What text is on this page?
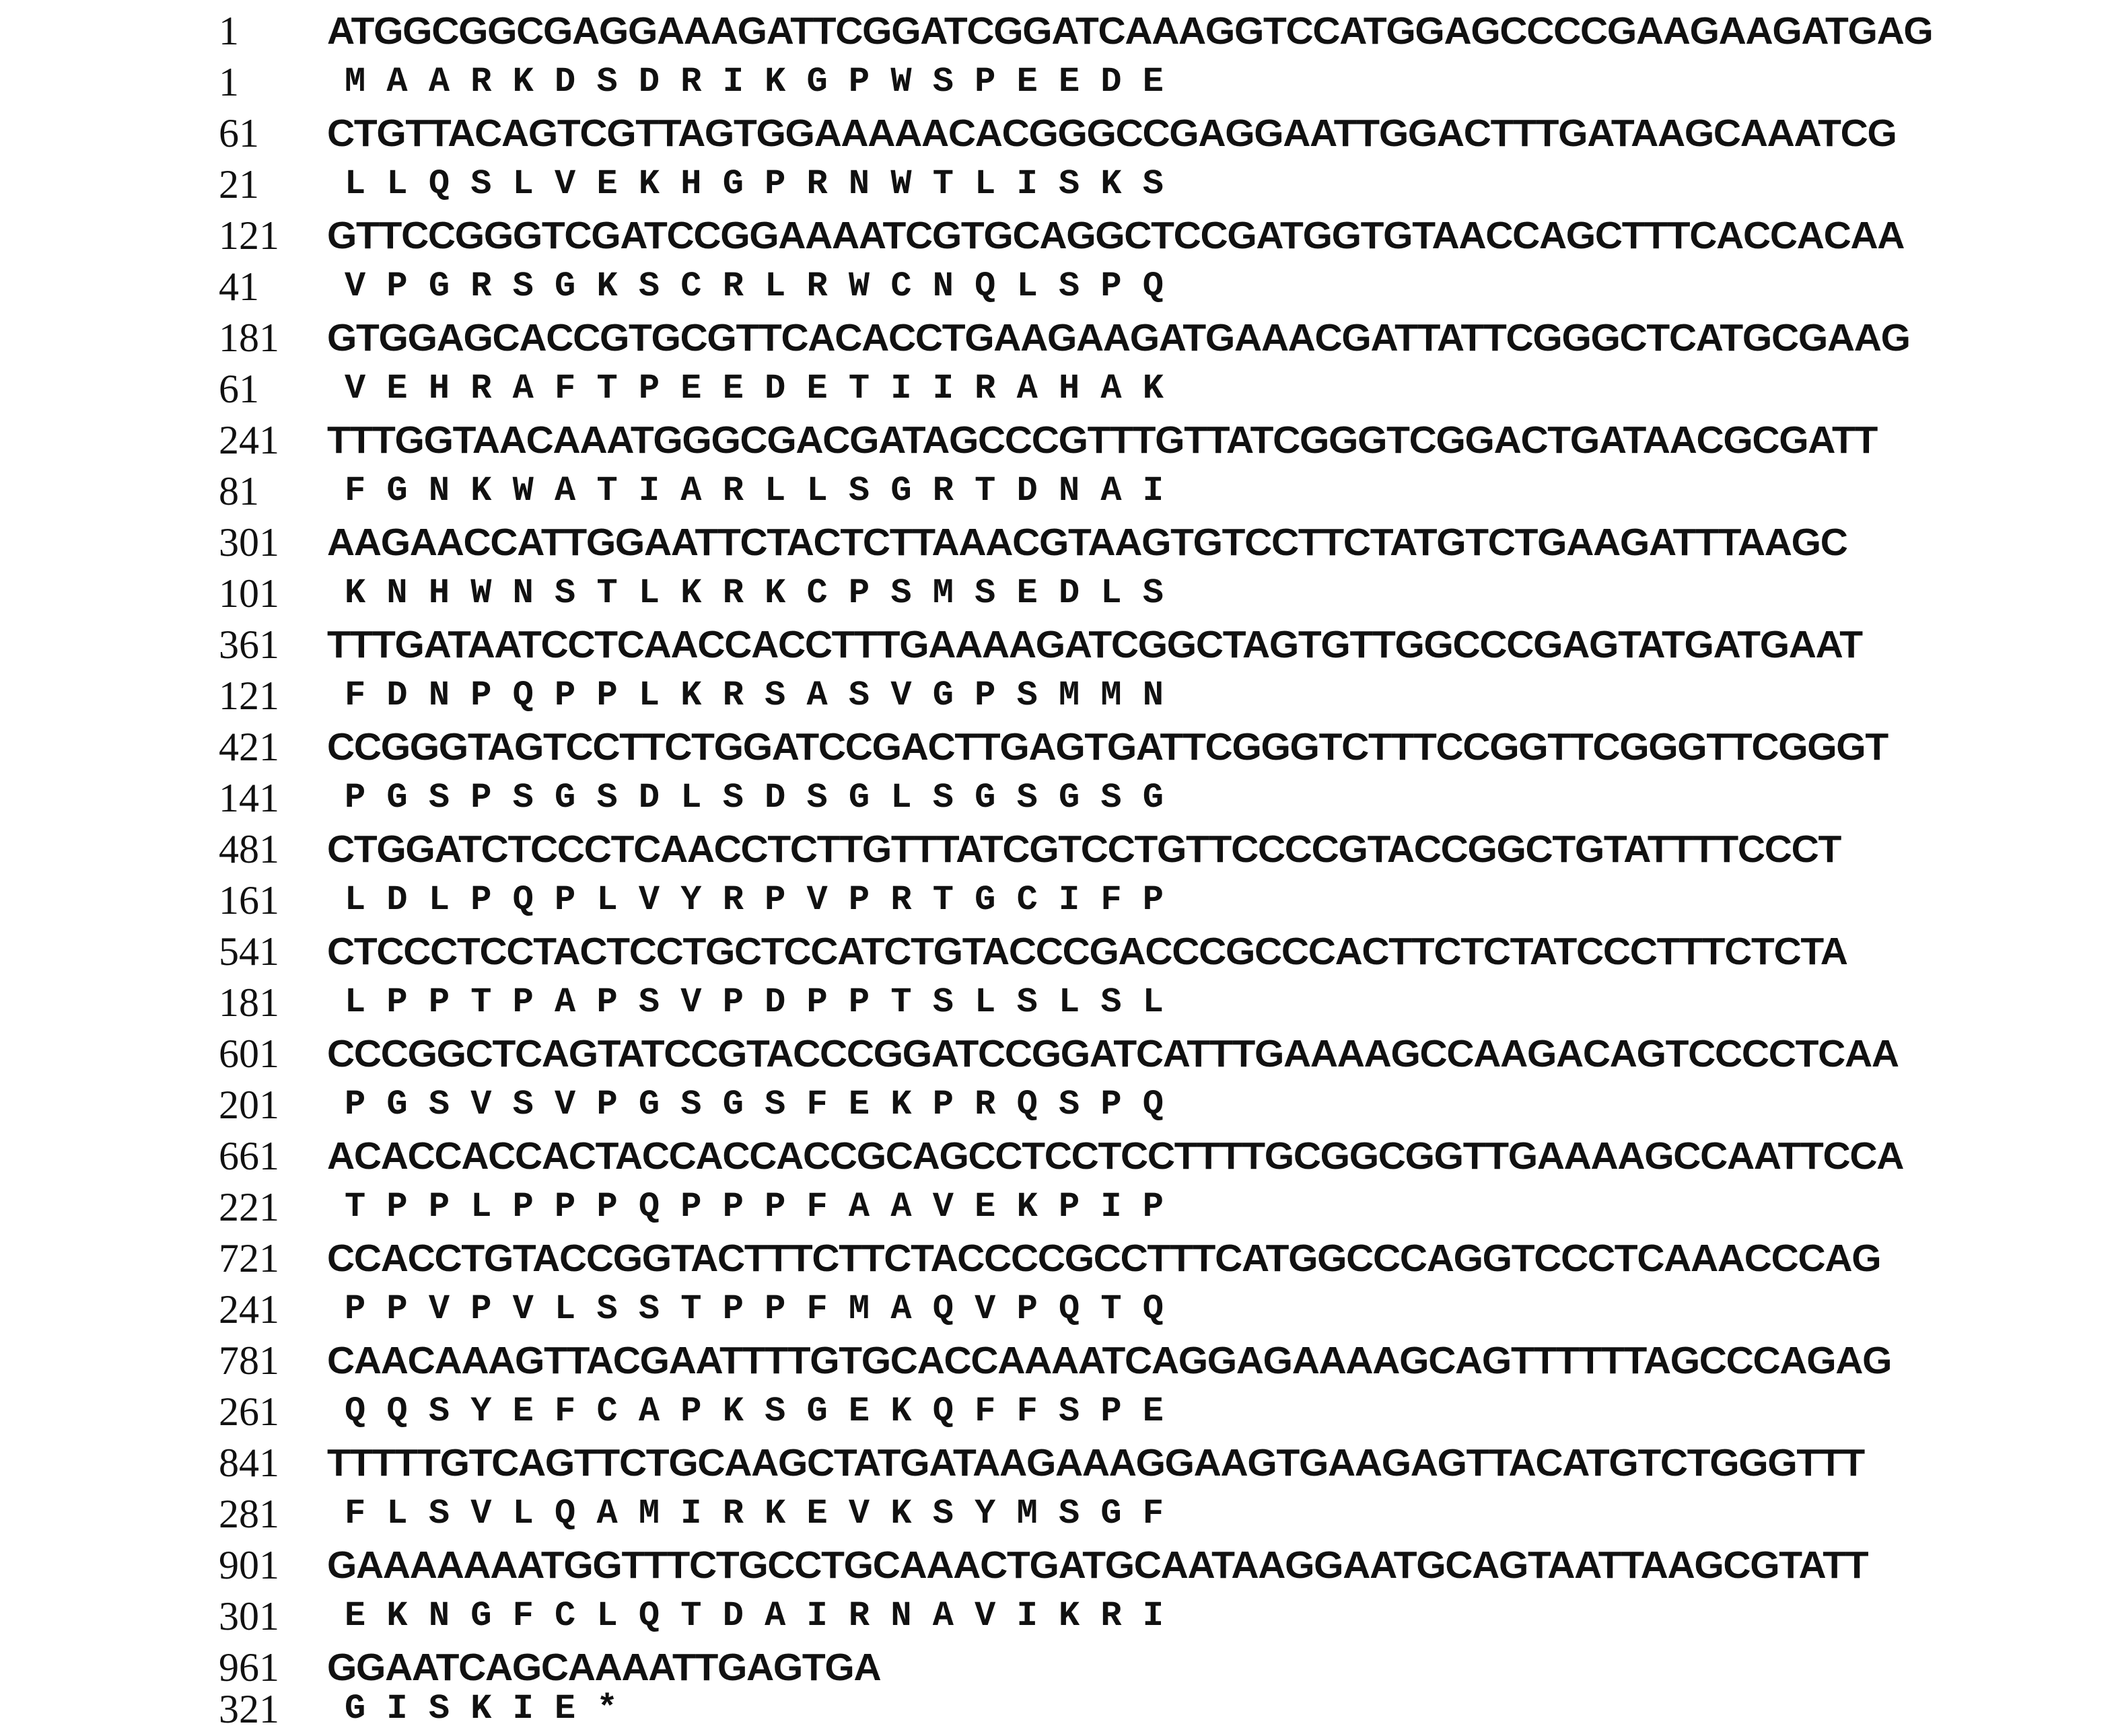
1 ATGGCGGCGAGGAAAGATTCGGATCGGATCAAAGGTCCATGGAGCCCCGAAGAAGATGAG
1	M A A R K D S D R I K G P W S P E E D E
61 CTGTTACAGTCGTTAGTGGAAAAACACGGGCCGAGGAATTGGACTTTGATAAGCAAATCG
21 L L Q S L V E K H G P R N W T L I S K S
121 GTTCCGGGTCGATCCGGAAAATCGTGCAGGCTCCGATGGTGTAACCAGCTTTCACCACAA
41 V P G R S G K S C R L R W C N Q L S P Q
181 GTGGAGCACCGTGCGTTCACACCTGAAGAAGATGAAACGATTATTCGGGCTCATGCGAAG
61 V E H R A F T P E E D E T I I R A H A K
241 TTTGGTAACAAATGGGCGACGATAGCCCGTTTGTTATCGGGTCGGACTGATAACGCGATT
81 F G N K W A T I A R L L S G R T D N A I
301 AAGAACCATTGGAATTCTACTCTTAAACGTAAGTGTCCTTCTATGTCTGAAGATTTAAGC
101 K N H W N S T L K R K C P S M S E D L S
361 TTTGATAATCCTCAACCACCTTTGAAAAGATCGGCTAGTGTTGGCCCGAGTATGATGAAT
121 F D N P Q P P L K R S A S V G P S M M N
421 CCGGGTAGTCCTTCTGGATCCGACTTGAGTGATTCGGGTCTTTCCGGTTCGGGTTCGGGT
141 P G S P S G S D L S D S G L S G S G S G
481 CTGGATCTCCCTCAACCTCTTGTTTATCGTCCTGTTCCCCGTACCGGCTGTATTTTCCCT
161 L D L P Q P L V Y R P V P R T G C I F P
541 CTCCCTCCTACTCCTGCTCCATCTGTACCCGACCCGCCCACTTCTCTATCCCTTTCTCTA
181 L P P T P A P S V P D P P T S L S L S L
601 CCCGGCTCAGTATCCGTACCCGGATCCGGATCATTTGAAAAGCCAAGACAGTCCCCTCAA
201 P G S V S V P G S G S F E K P R Q S P Q
661 ACACCACCACTACCACCACCGCAGCCTCCTCCTTTTGCGGCGGTTGAAAAGCCAATTCCA
221 T P P L P P P Q P P P F A A V E K P I P
721 CCACCTGTACCGGTACTTTCTTCTACCCCGCCTTTCATGGCCCAGGTCCCTCAAACCCAG
241 P P V P V L S S T P P F M A Q V P Q T Q
781 CAACAAAGTTACGAATTTTGTGCACCAAAATCAGGAGAAAAGCAGTTTTTTAGCCCAGAG
261 Q Q S Y E F C A P K S G E K Q F F S P E
841 TTTTTGTCAGTTCTGCAAGCTATGATAAGAAAGGAAGTGAAGAGTTACATGTCTGGGTTT
281 F L S V L Q A M I R K E V K S Y M S G F
901 GAAAAAAATGGTTTCTGCCTGCAAACTGATGCAATAAGGAATGCAGTAATTAAGCGTATT
301 E K N G F C L Q T D A I R N A V I K R I
961 GGAATCAGCAAAATTGAGTGA
321 G I S K I E *
